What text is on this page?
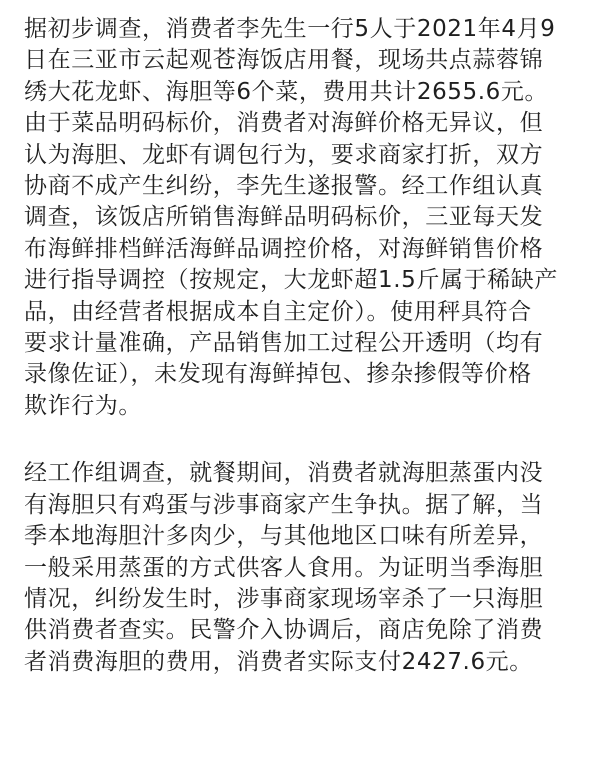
据初步调查，消费者李先生一行5人于2021年4月9
日在三亚市云起观苍海饭店用餐，现场共点蒜蓉锦
绣大花龙虾、海胆等6个菜，费用共计2655.6元。
由于菜品明码标价，消费者对海鲜价格无异议，但
认为海胆、龙虾有调包行为，要求商家打折，双方
协商不成产生纠纷，李先生遂报警。经工作组认真
调查，该饭店所销售海鲜品明码标价，三亚每天发
布海鲜排档鲜活海鲜品调控价格，对海鲜销售价格
进行指导调控（按规定，大龙虾超1.5斤属于稀缺产
品，由经营者根据成本自主定价）。使用秤具符合
要求计量准确，产品销售加工过程公开透明（均有
录像佐证），未发现有海鲜掉包、掺杂掺假等价格
欺诈行为。

经工作组调查，就餐期间，消费者就海胆蒸蛋内没
有海胆只有鸡蛋与涉事商家产生争执。据了解，当
季本地海胆汁多肉少，与其他地区口味有所差异，
一般采用蒸蛋的方式供客人食用。为证明当季海胆
情况，纠纷发生时，涉事商家现场宰杀了一只海胆
供消费者查实。民警介入协调后，商店免除了消费
者消费海胆的费用，消费者实际支付2427.6元。
